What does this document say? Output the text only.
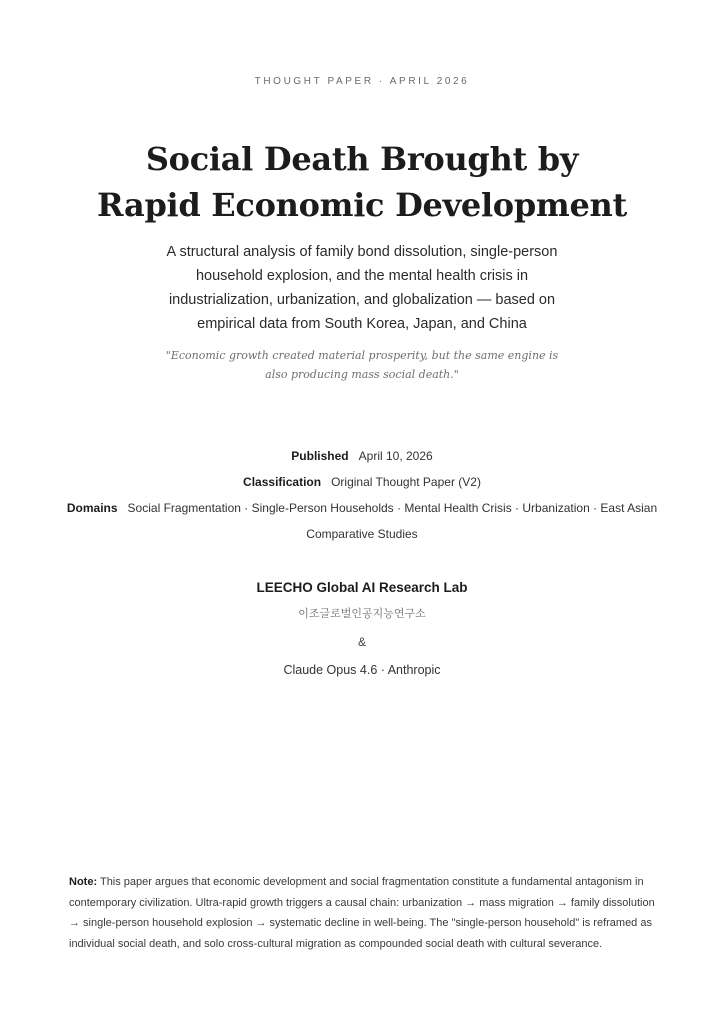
THOUGHT PAPER · APRIL 2026
Social Death Brought by
Rapid Economic Development
A structural analysis of family bond dissolution, single-person household explosion, and the mental health crisis in industrialization, urbanization, and globalization — based on empirical data from South Korea, Japan, and China
"Economic growth created material prosperity, but the same engine is also producing mass social death."
Published April 10, 2026
Classification Original Thought Paper (V2)
Domains Social Fragmentation · Single-Person Households · Mental Health Crisis · Urbanization · East Asian Comparative Studies
LEECHO Global AI Research Lab
이조글로벌인공지능연구소
&
Claude Opus 4.6 · Anthropic
Note: This paper argues that economic development and social fragmentation constitute a fundamental antagonism in contemporary civilization. Ultra-rapid growth triggers a causal chain: urbanization → mass migration → family dissolution → single-person household explosion → systematic decline in well-being. The "single-person household" is reframed as individual social death, and solo cross-cultural migration as compounded social death with cultural severance.
